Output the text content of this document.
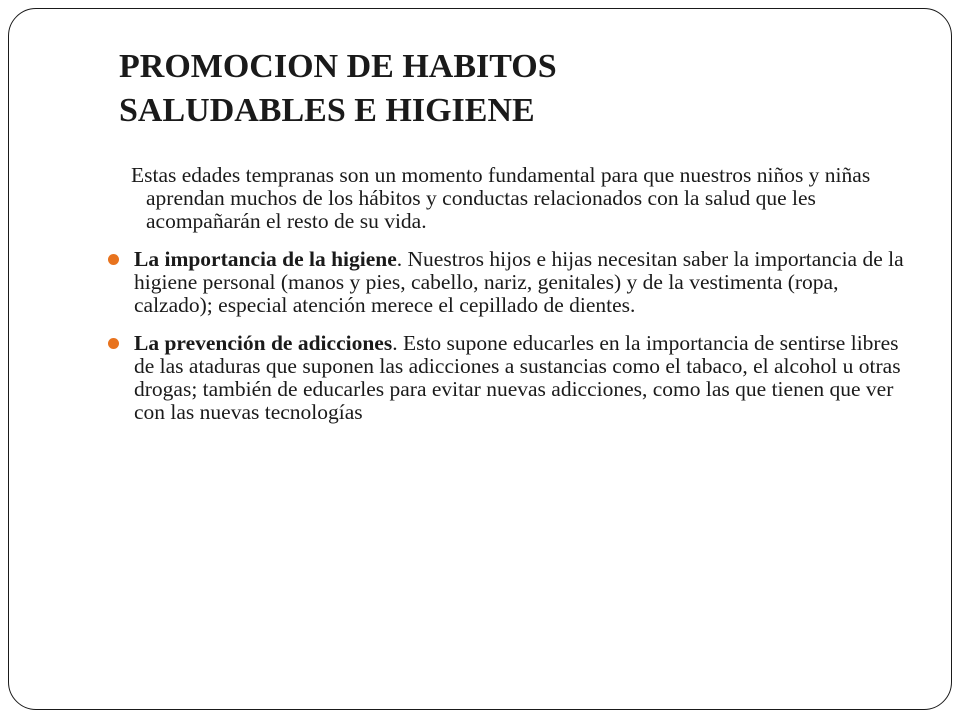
PROMOCION DE HABITOS
SALUDABLES E HIGIENE

Estas edades tempranas son un momento fundamental para que nuestros niños y niñas aprendan muchos de los hábitos y conductas relacionados con la salud que les acompañarán el resto de su vida.

La importancia de la higiene. Nuestros hijos e hijas necesitan saber la importancia de la higiene personal (manos y pies, cabello, nariz, genitales) y de la vestimenta (ropa, calzado); especial atención merece el cepillado de dientes.

La prevención de adicciones. Esto supone educarles en la importancia de sentirse libres de las ataduras que suponen las adicciones a sustancias como el tabaco, el alcohol u otras drogas; también de educarles para evitar nuevas adicciones, como las que tienen que ver con las nuevas tecnologías
